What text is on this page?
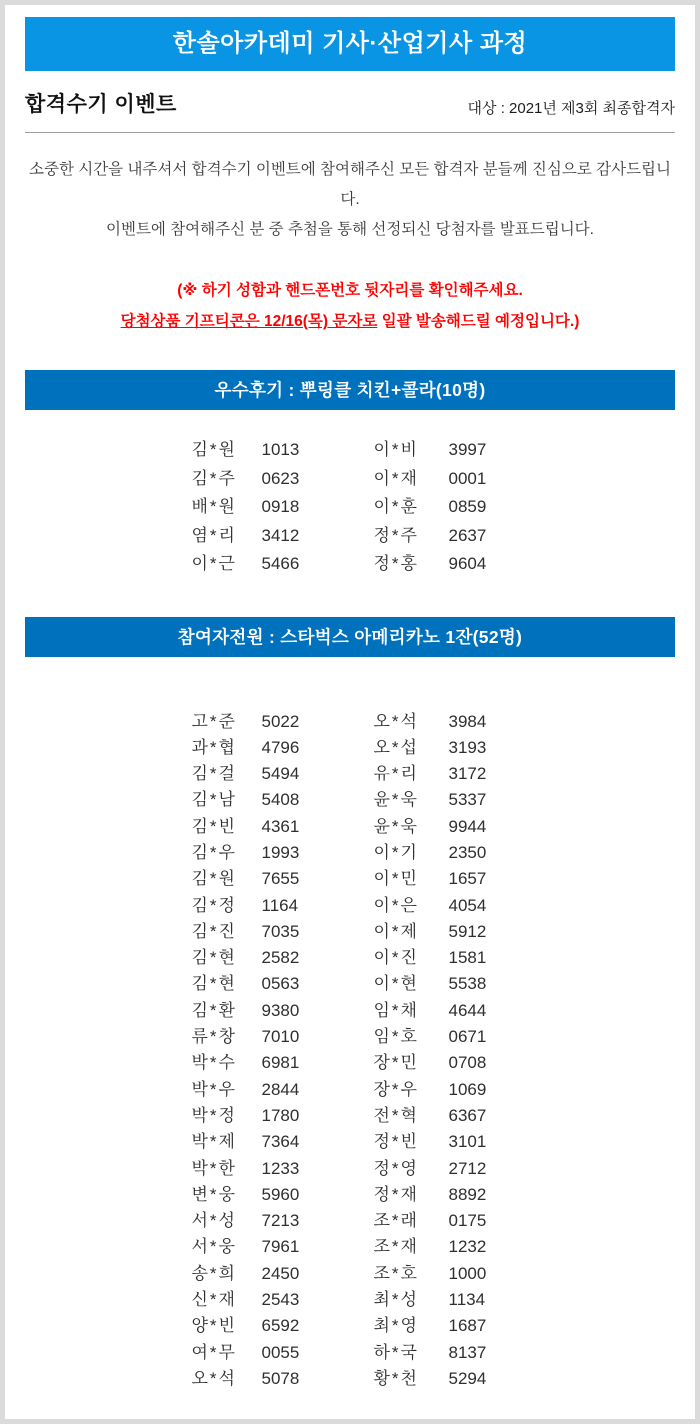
한솔아카데미 기사·산업기사 과정
합격수기 이벤트	대상 : 2021년 제3회 최종합격자

소중한 시간을 내주셔서 합격수기 이벤트에 참여해주신 모든 합격자 분들께 진심으로 감사드립니다.
이벤트에 참여해주신 분 중 추첨을 통해 선정되신 당첨자를 발표드립니다.

(※ 하기 성함과 핸드폰번호 뒷자리를 확인해주세요.
당첨상품 기프티콘은 12/16(목) 문자로 일괄 발송해드릴 예정입니다.)

우수후기 : 뿌링클 치킨+콜라(10명)
김*원	1013	이*비	3997
김*주	0623	이*재	0001
배*원	0918	이*훈	0859
염*리	3412	정*주	2637
이*근	5466	정*홍	9604
참여자전원 : 스타벅스 아메리카노 1잔(52명)
고*준	5022	오*석	3984
과*협	4796	오*섭	3193
김*걸	5494	유*리	3172
김*남	5408	윤*욱	5337
김*빈	4361	윤*욱	9944
김*우	1993	이*기	2350
김*원	7655	이*민	1657
김*정	1164	이*은	4054
김*진	7035	이*제	5912
김*현	2582	이*진	1581
김*현	0563	이*현	5538
김*환	9380	임*채	4644
류*창	7010	임*호	0671
박*수	6981	장*민	0708
박*우	2844	장*우	1069
박*정	1780	전*혁	6367
박*제	7364	정*빈	3101
박*한	1233	정*영	2712
변*웅	5960	정*재	8892
서*성	7213	조*래	0175
서*웅	7961	조*재	1232
송*희	2450	조*호	1000
신*재	2543	최*성	1134
양*빈	6592	최*영	1687
여*무	0055	하*국	8137
오*석	5078	황*천	5294
